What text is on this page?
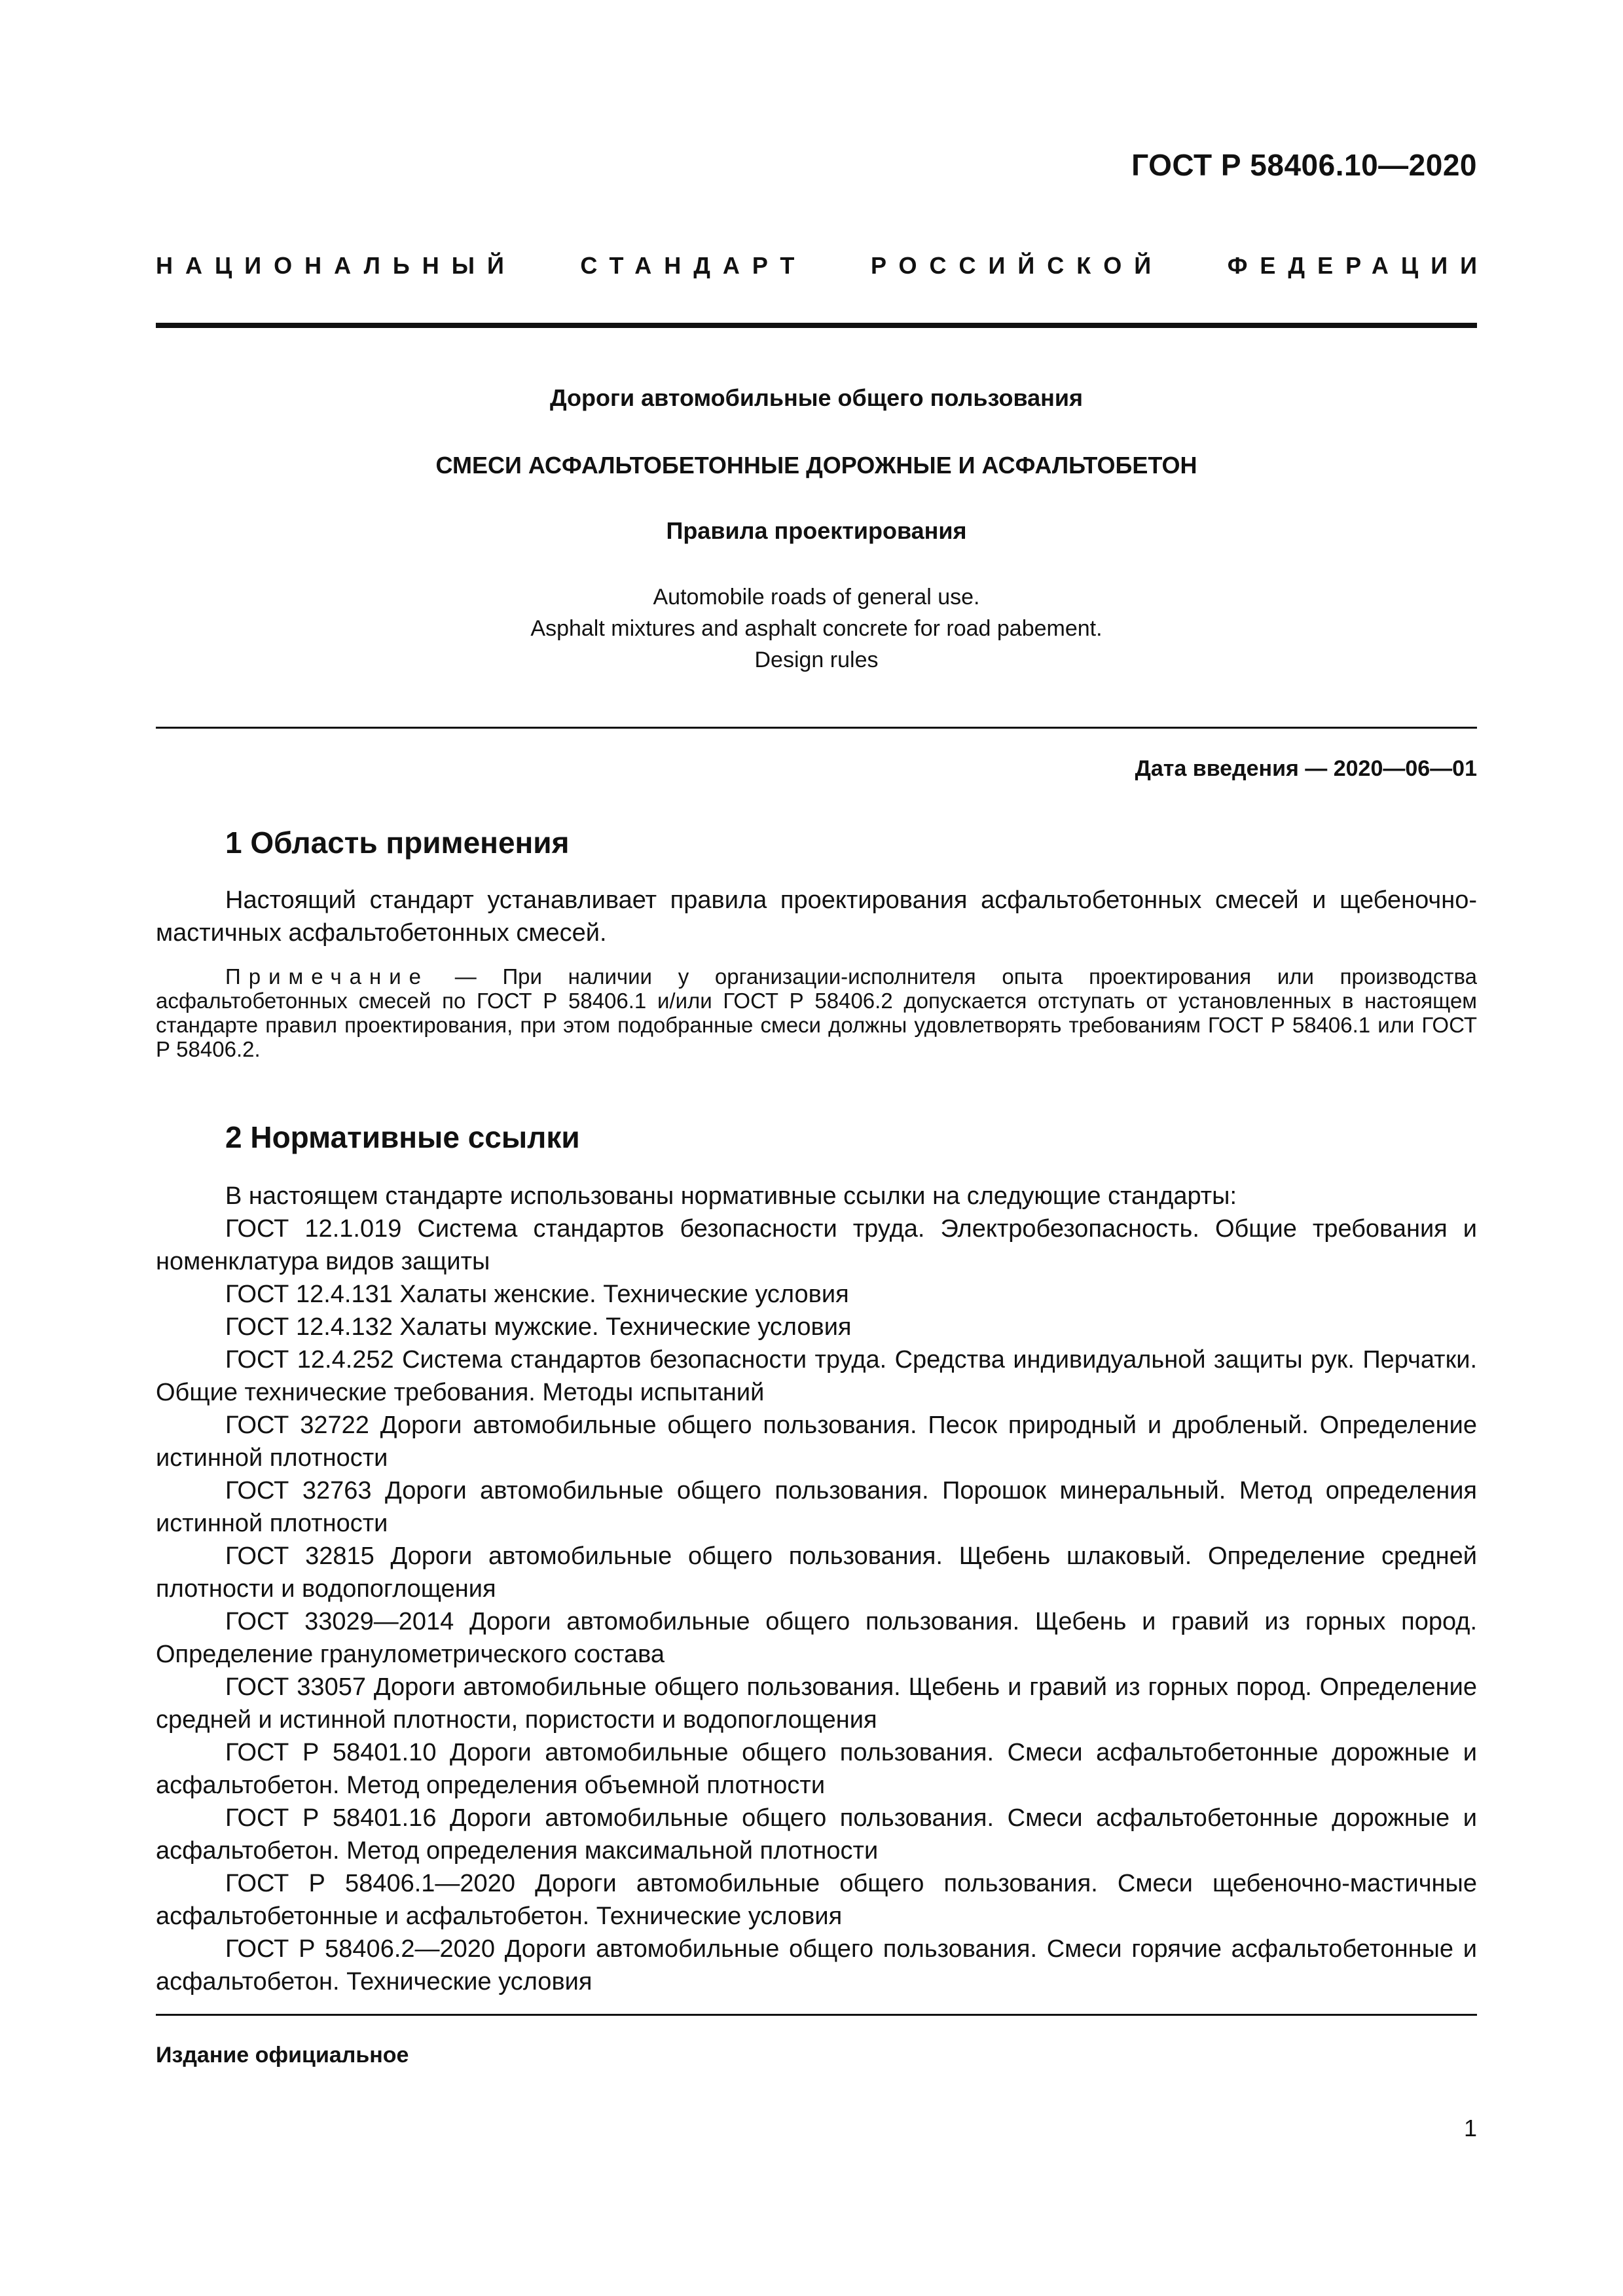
ГОСТ Р 58406.10—2020
НАЦИОНАЛЬНЫЙ	СТАНДАРТ	РОССИЙСКОЙ	ФЕДЕРАЦИИ
Дороги автомобильные общего пользования
СМЕСИ АСФАЛЬТОБЕТОННЫЕ ДОРОЖНЫЕ И АСФАЛЬТОБЕТОН
Правила проектирования
Automobile roads of general use.
Asphalt mixtures and asphalt concrete for road pabement.
Design rules
Дата введения — 2020—06—01
1 Область применения

Настоящий стандарт устанавливает правила проектирования асфальтобетонных смесей и щебеночно-мастичных асфальтобетонных смесей.

Примечание — При наличии у организации-исполнителя опыта проектирования или производства асфальтобетонных смесей по ГОСТ Р 58406.1 и/или ГОСТ Р 58406.2 допускается отступать от установленных в настоящем стандарте правил проектирования, при этом подобранные смеси должны удовлетворять требованиям ГОСТ Р 58406.1 или ГОСТ Р 58406.2.

2 Нормативные ссылки

В настоящем стандарте использованы нормативные ссылки на следующие стандарты:

ГОСТ 12.1.019 Система стандартов безопасности труда. Электробезопасность. Общие требования и номенклатура видов защиты

ГОСТ 12.4.131 Халаты женские. Технические условия

ГОСТ 12.4.132 Халаты мужские. Технические условия

ГОСТ 12.4.252 Система стандартов безопасности труда. Средства индивидуальной защиты рук. Перчатки. Общие технические требования. Методы испытаний

ГОСТ 32722 Дороги автомобильные общего пользования. Песок природный и дробленый. Определение истинной плотности

ГОСТ 32763 Дороги автомобильные общего пользования. Порошок минеральный. Метод определения истинной плотности

ГОСТ 32815 Дороги автомобильные общего пользования. Щебень шлаковый. Определение средней плотности и водопоглощения

ГОСТ 33029—2014 Дороги автомобильные общего пользования. Щебень и гравий из горных пород. Определение гранулометрического состава

ГОСТ 33057 Дороги автомобильные общего пользования. Щебень и гравий из горных пород. Определение средней и истинной плотности, пористости и водопоглощения

ГОСТ Р 58401.10 Дороги автомобильные общего пользования. Смеси асфальтобетонные дорожные и асфальтобетон. Метод определения объемной плотности

ГОСТ Р 58401.16 Дороги автомобильные общего пользования. Смеси асфальтобетонные дорожные и асфальтобетон. Метод определения максимальной плотности

ГОСТ Р 58406.1—2020 Дороги автомобильные общего пользования. Смеси щебеночно-мастичные асфальтобетонные и асфальтобетон. Технические условия

ГОСТ Р 58406.2—2020 Дороги автомобильные общего пользования. Смеси горячие асфальтобетонные и асфальтобетон. Технические условия

Издание официальное
1
